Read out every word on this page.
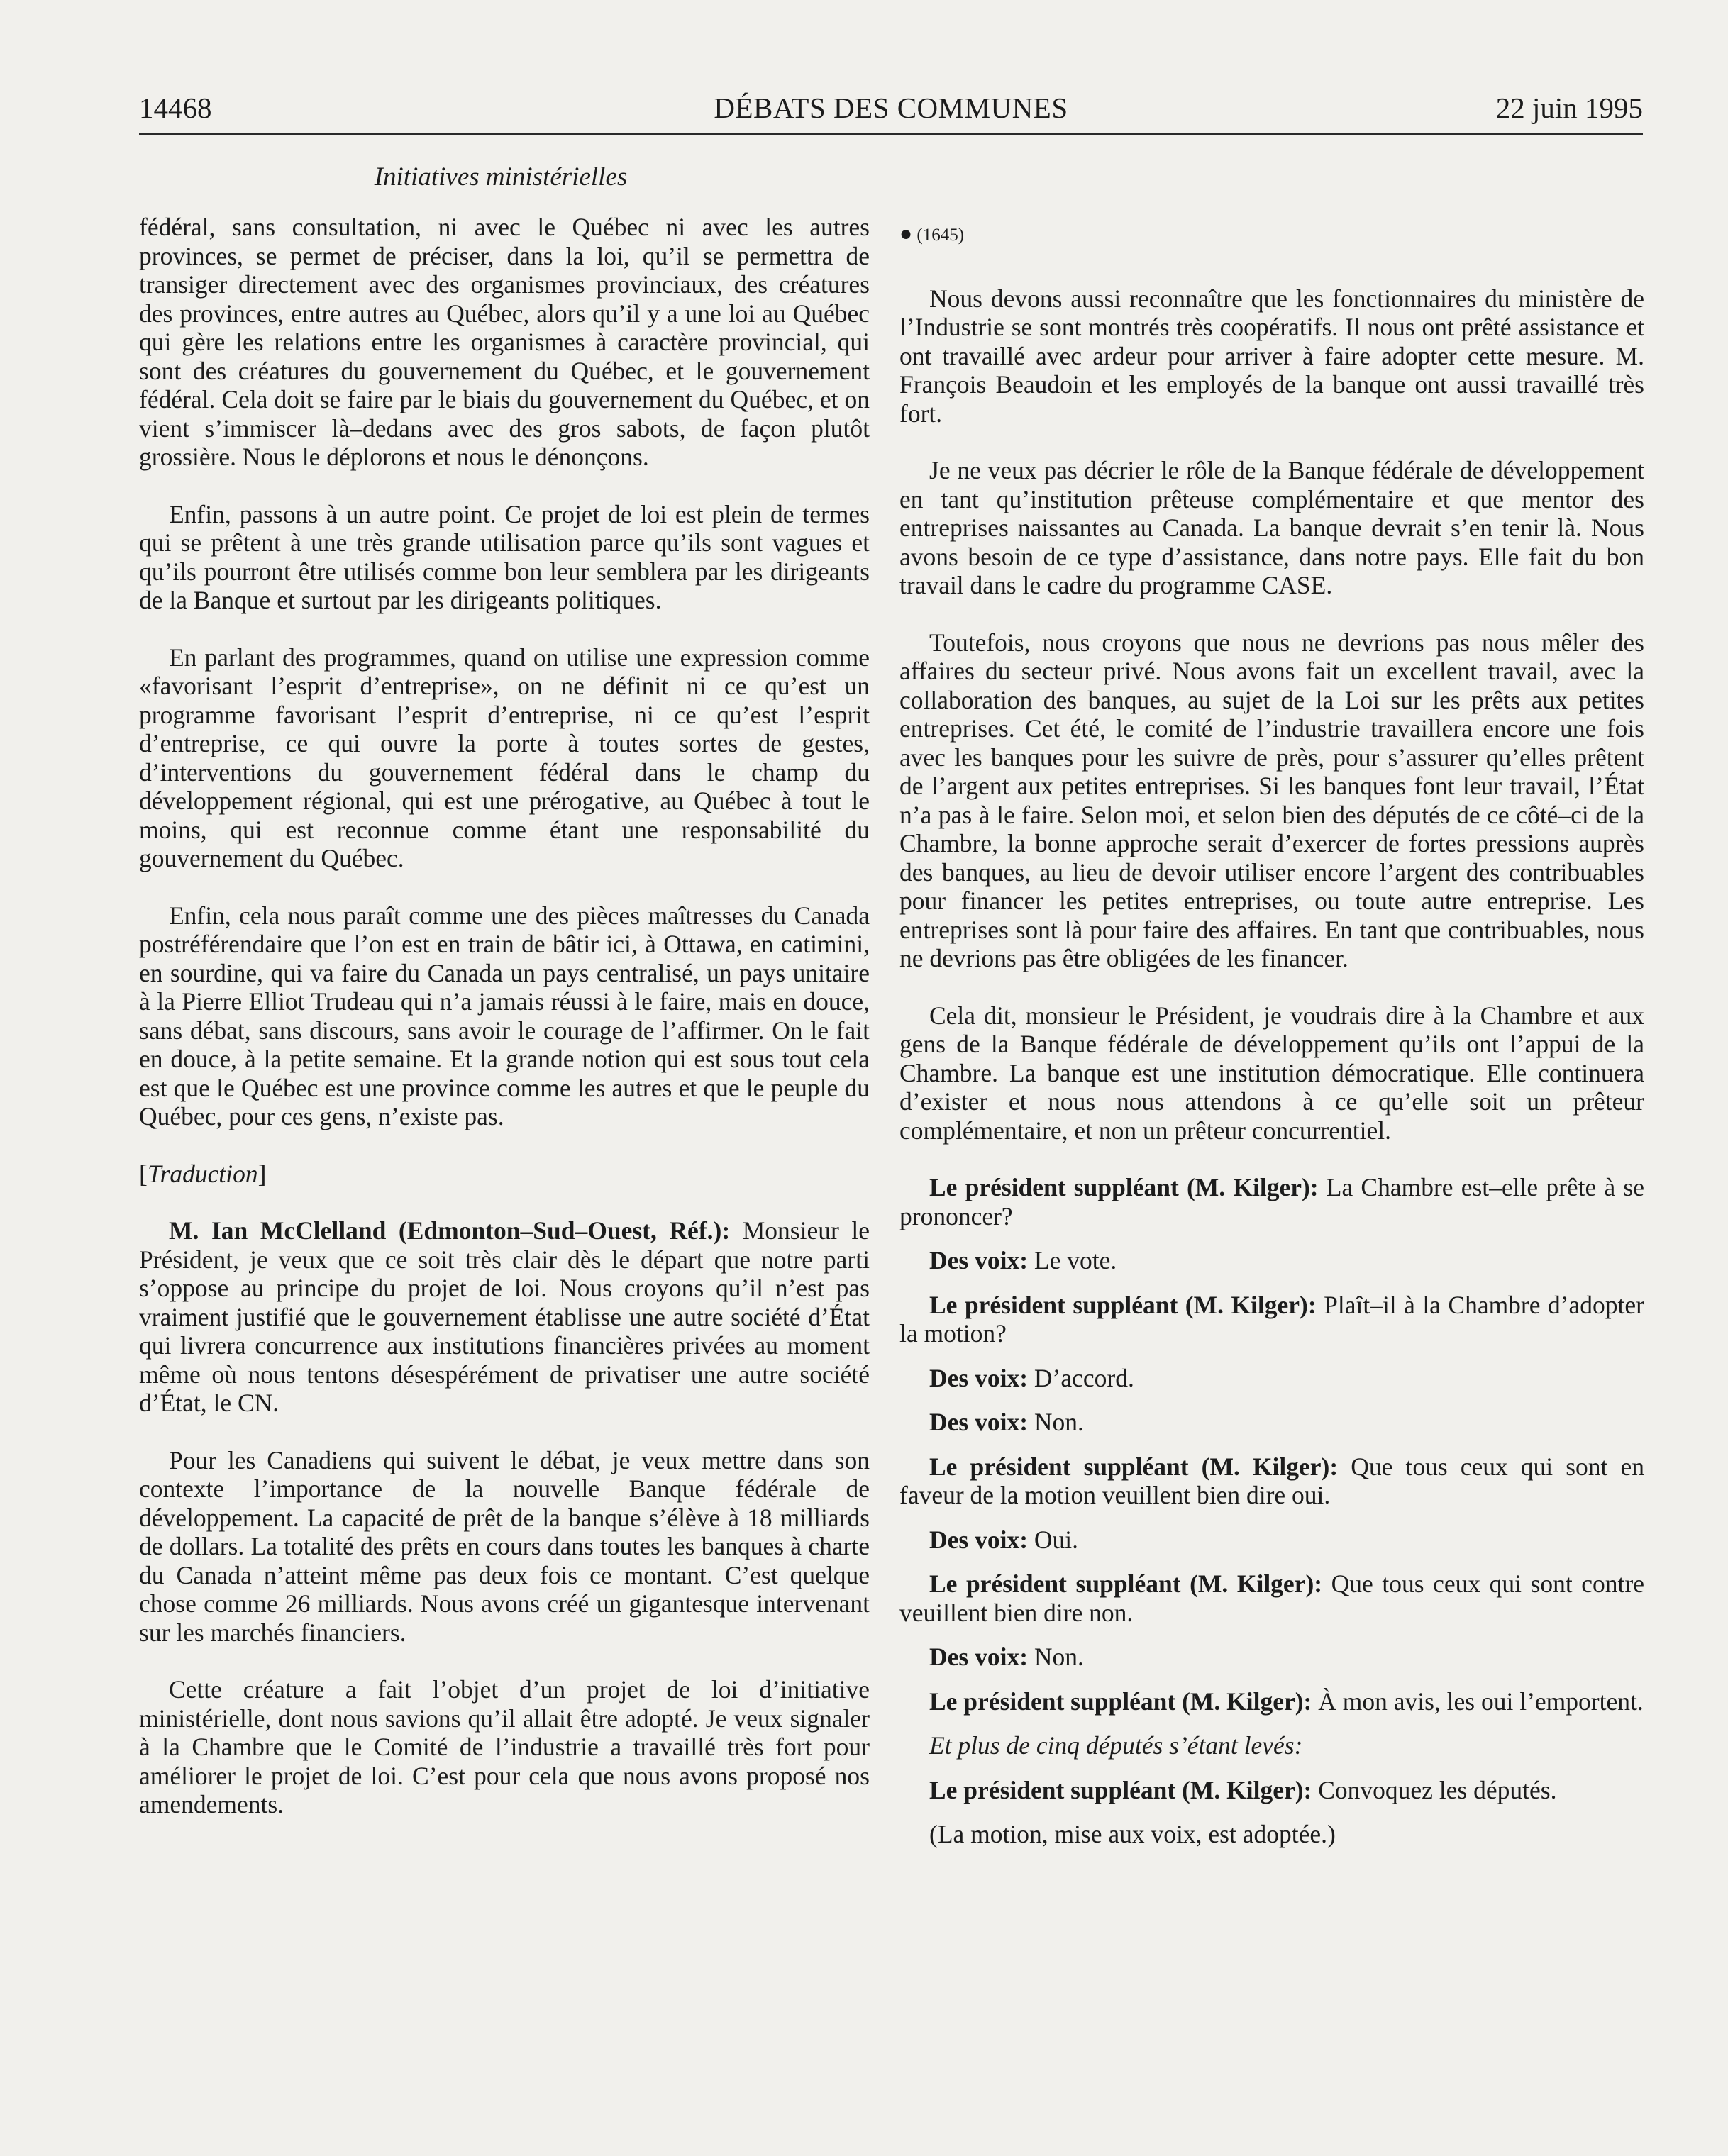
14468	DÉBATS DES COMMUNES	22 juin 1995
Initiatives ministérielles

fédéral, sans consultation, ni avec le Québec ni avec les autres provinces, se permet de préciser, dans la loi, qu’il se permettra de transiger directement avec des organismes provinciaux, des créatures des provinces, entre autres au Québec, alors qu’il y a une loi au Québec qui gère les relations entre les organismes à caractère provincial, qui sont des créatures du gouvernement du Québec, et le gouvernement fédéral. Cela doit se faire par le biais du gouvernement du Québec, et on vient s’immiscer là–dedans avec des gros sabots, de façon plutôt grossière. Nous le déplorons et nous le dénonçons.

Enfin, passons à un autre point. Ce projet de loi est plein de termes qui se prêtent à une très grande utilisation parce qu’ils sont vagues et qu’ils pourront être utilisés comme bon leur semblera par les dirigeants de la Banque et surtout par les dirigeants politiques.

En parlant des programmes, quand on utilise une expression comme «favorisant l’esprit d’entreprise», on ne définit ni ce qu’est un programme favorisant l’esprit d’entreprise, ni ce qu’est l’esprit d’entreprise, ce qui ouvre la porte à toutes sortes de gestes, d’interventions du gouvernement fédéral dans le champ du développement régional, qui est une prérogative, au Québec à tout le moins, qui est reconnue comme étant une responsabilité du gouvernement du Québec.

Enfin, cela nous paraît comme une des pièces maîtresses du Canada postréférendaire que l’on est en train de bâtir ici, à Ottawa, en catimini, en sourdine, qui va faire du Canada un pays centralisé, un pays unitaire à la Pierre Elliot Trudeau qui n’a jamais réussi à le faire, mais en douce, sans débat, sans discours, sans avoir le courage de l’affirmer. On le fait en douce, à la petite semaine. Et la grande notion qui est sous tout cela est que le Québec est une province comme les autres et que le peuple du Québec, pour ces gens, n’existe pas.

[Traduction]

M. Ian McClelland (Edmonton–Sud–Ouest, Réf.): Monsieur le Président, je veux que ce soit très clair dès le départ que notre parti s’oppose au principe du projet de loi. Nous croyons qu’il n’est pas vraiment justifié que le gouvernement établisse une autre société d’État qui livrera concurrence aux institutions financières privées au moment même où nous tentons désespérément de privatiser une autre société d’État, le CN.

Pour les Canadiens qui suivent le débat, je veux mettre dans son contexte l’importance de la nouvelle Banque fédérale de développement. La capacité de prêt de la banque s’élève à 18 milliards de dollars. La totalité des prêts en cours dans toutes les banques à charte du Canada n’atteint même pas deux fois ce montant. C’est quelque chose comme 26 milliards. Nous avons créé un gigantesque intervenant sur les marchés financiers.

Cette créature a fait l’objet d’un projet de loi d’initiative ministérielle, dont nous savions qu’il allait être adopté. Je veux signaler à la Chambre que le Comité de l’industrie a travaillé très fort pour améliorer le projet de loi. C’est pour cela que nous avons proposé nos amendements.

● (1645)

Nous devons aussi reconnaître que les fonctionnaires du ministère de l’Industrie se sont montrés très coopératifs. Il nous ont prêté assistance et ont travaillé avec ardeur pour arriver à faire adopter cette mesure. M. François Beaudoin et les employés de la banque ont aussi travaillé très fort.

Je ne veux pas décrier le rôle de la Banque fédérale de développement en tant qu’institution prêteuse complémentaire et que mentor des entreprises naissantes au Canada. La banque devrait s’en tenir là. Nous avons besoin de ce type d’assistance, dans notre pays. Elle fait du bon travail dans le cadre du programme CASE.

Toutefois, nous croyons que nous ne devrions pas nous mêler des affaires du secteur privé. Nous avons fait un excellent travail, avec la collaboration des banques, au sujet de la Loi sur les prêts aux petites entreprises. Cet été, le comité de l’industrie travaillera encore une fois avec les banques pour les suivre de près, pour s’assurer qu’elles prêtent de l’argent aux petites entreprises. Si les banques font leur travail, l’État n’a pas à le faire. Selon moi, et selon bien des députés de ce côté–ci de la Chambre, la bonne approche serait d’exercer de fortes pressions auprès des banques, au lieu de devoir utiliser encore l’argent des contribuables pour financer les petites entreprises, ou toute autre entreprise. Les entreprises sont là pour faire des affaires. En tant que contribuables, nous ne devrions pas être obligées de les financer.

Cela dit, monsieur le Président, je voudrais dire à la Chambre et aux gens de la Banque fédérale de développement qu’ils ont l’appui de la Chambre. La banque est une institution démocratique. Elle continuera d’exister et nous nous attendons à ce qu’elle soit un prêteur complémentaire, et non un prêteur concurrentiel.

Le président suppléant (M. Kilger): La Chambre est–elle prête à se prononcer?

Des voix: Le vote.

Le président suppléant (M. Kilger): Plaît–il à la Chambre d’adopter la motion?

Des voix: D’accord.

Des voix: Non.

Le président suppléant (M. Kilger): Que tous ceux qui sont en faveur de la motion veuillent bien dire oui.

Des voix: Oui.

Le président suppléant (M. Kilger): Que tous ceux qui sont contre veuillent bien dire non.

Des voix: Non.

Le président suppléant (M. Kilger): À mon avis, les oui l’emportent.

Et plus de cinq députés s’étant levés:

Le président suppléant (M. Kilger): Convoquez les députés.

(La motion, mise aux voix, est adoptée.)
